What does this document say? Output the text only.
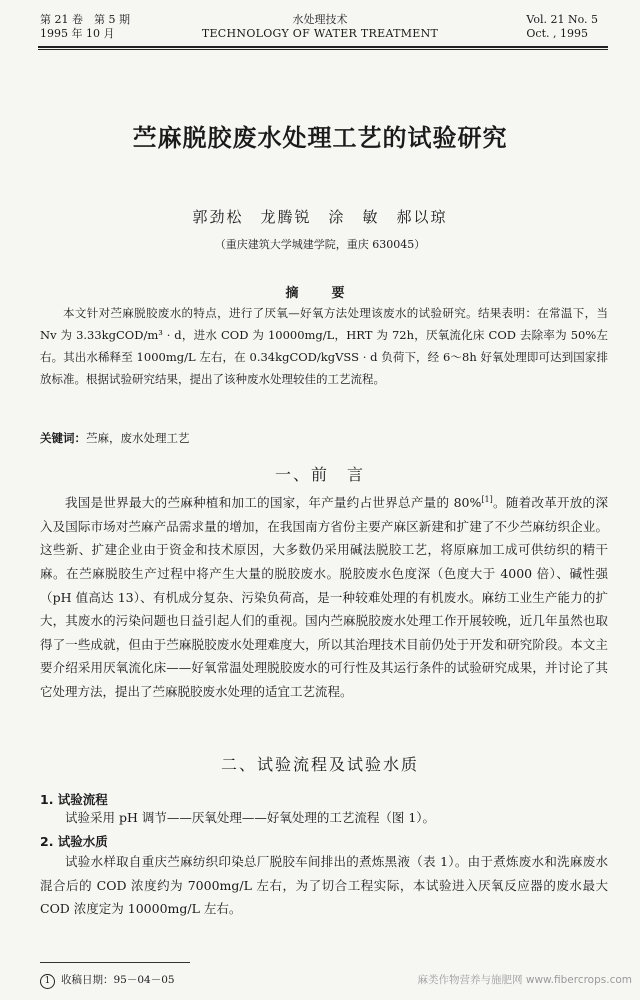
第 21 卷　第 5 期
1995 年 10 月
水处理技术
TECHNOLOGY OF WATER TREATMENT
Vol. 21 No. 5
Oct. , 1995
苎麻脱胶废水处理工艺的试验研究
郭劲松　龙腾锐　涂　敏　郝以琼
（重庆建筑大学城建学院，重庆 630045）
摘　要
本文针对苎麻脱胶废水的特点，进行了厌氧—好氧方法处理该废水的试验研究。结果表明：在常温下，当 Nv 为 3.33kgCOD/m³ · d，进水 COD 为 10000mg/L，HRT 为 72h，厌氧流化床 COD 去除率为 50%左右。其出水稀释至 1000mg/L 左右，在 0.34kgCOD/kgVSS · d 负荷下，经 6～8h 好氧处理即可达到国家排放标准。根据试验研究结果，提出了该种废水处理较佳的工艺流程。
关键词：苎麻，废水处理工艺
一、前　言
我国是世界最大的苎麻种植和加工的国家，年产量约占世界总产量的 80%[1]。随着改革开放的深入及国际市场对苎麻产品需求量的增加，在我国南方省份主要产麻区新建和扩建了不少苎麻纺织企业。这些新、扩建企业由于资金和技术原因，大多数仍采用碱法脱胶工艺，将原麻加工成可供纺织的精干麻。在苎麻脱胶生产过程中将产生大量的脱胶废水。脱胶废水色度深（色度大于 4000 倍）、碱性强（pH 值高达 13）、有机成分复杂、污染负荷高，是一种较难处理的有机废水。麻纺工业生产能力的扩大，其废水的污染问题也日益引起人们的重视。国内苎麻脱胶废水处理工作开展较晚，近几年虽然也取得了一些成就，但由于苎麻脱胶废水处理难度大，所以其治理技术目前仍处于开发和研究阶段。本文主要介绍采用厌氧流化床——好氧常温处理脱胶废水的可行性及其运行条件的试验研究成果，并讨论了其它处理方法，提出了苎麻脱胶废水处理的适宜工艺流程。
二、试验流程及试验水质
1. 试验流程
试验采用 pH 调节——厌氧处理——好氧处理的工艺流程（图 1）。
2. 试验水质
试验水样取自重庆苎麻纺织印染总厂脱胶车间排出的煮炼黑液（表 1）。由于煮炼废水和洗麻废水混合后的 COD 浓度约为 7000mg/L 左右，为了切合工程实际，本试验进入厌氧反应器的废水最大 COD 浓度定为 10000mg/L 左右。
1 收稿日期：95－04－05	麻类作物营养与施肥网 www.fibercrops.com
